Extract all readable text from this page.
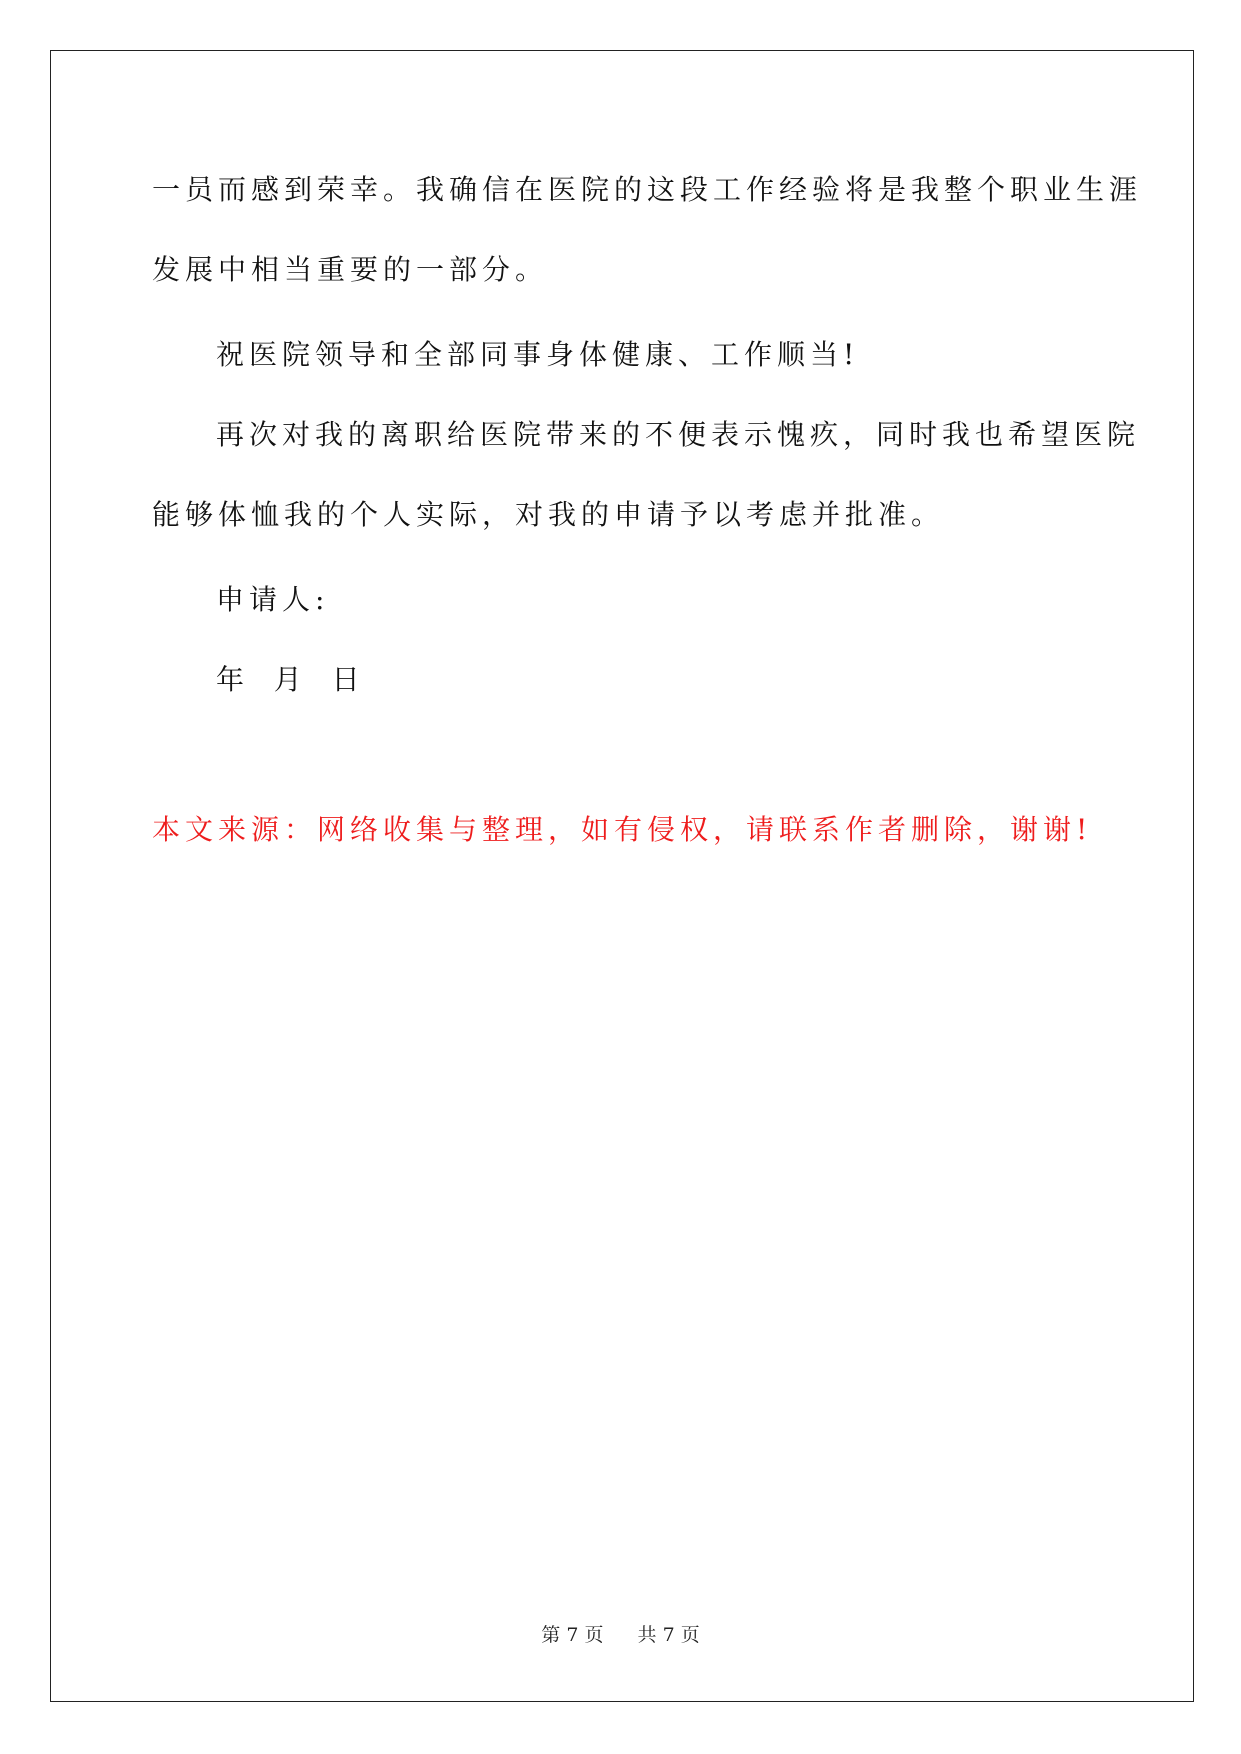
一员而感到荣幸。我确信在医院的这段工作经验将是我整个职业生涯
发展中相当重要的一部分。
祝医院领导和全部同事身体健康、工作顺当!
再次对我的离职给医院带来的不便表示愧疚，同时我也希望医院
能够体恤我的个人实际，对我的申请予以考虑并批准。
申请人:
年  月  日
本文来源：网络收集与整理，如有侵权，请联系作者删除，谢谢!
第 7 页 共 7 页
